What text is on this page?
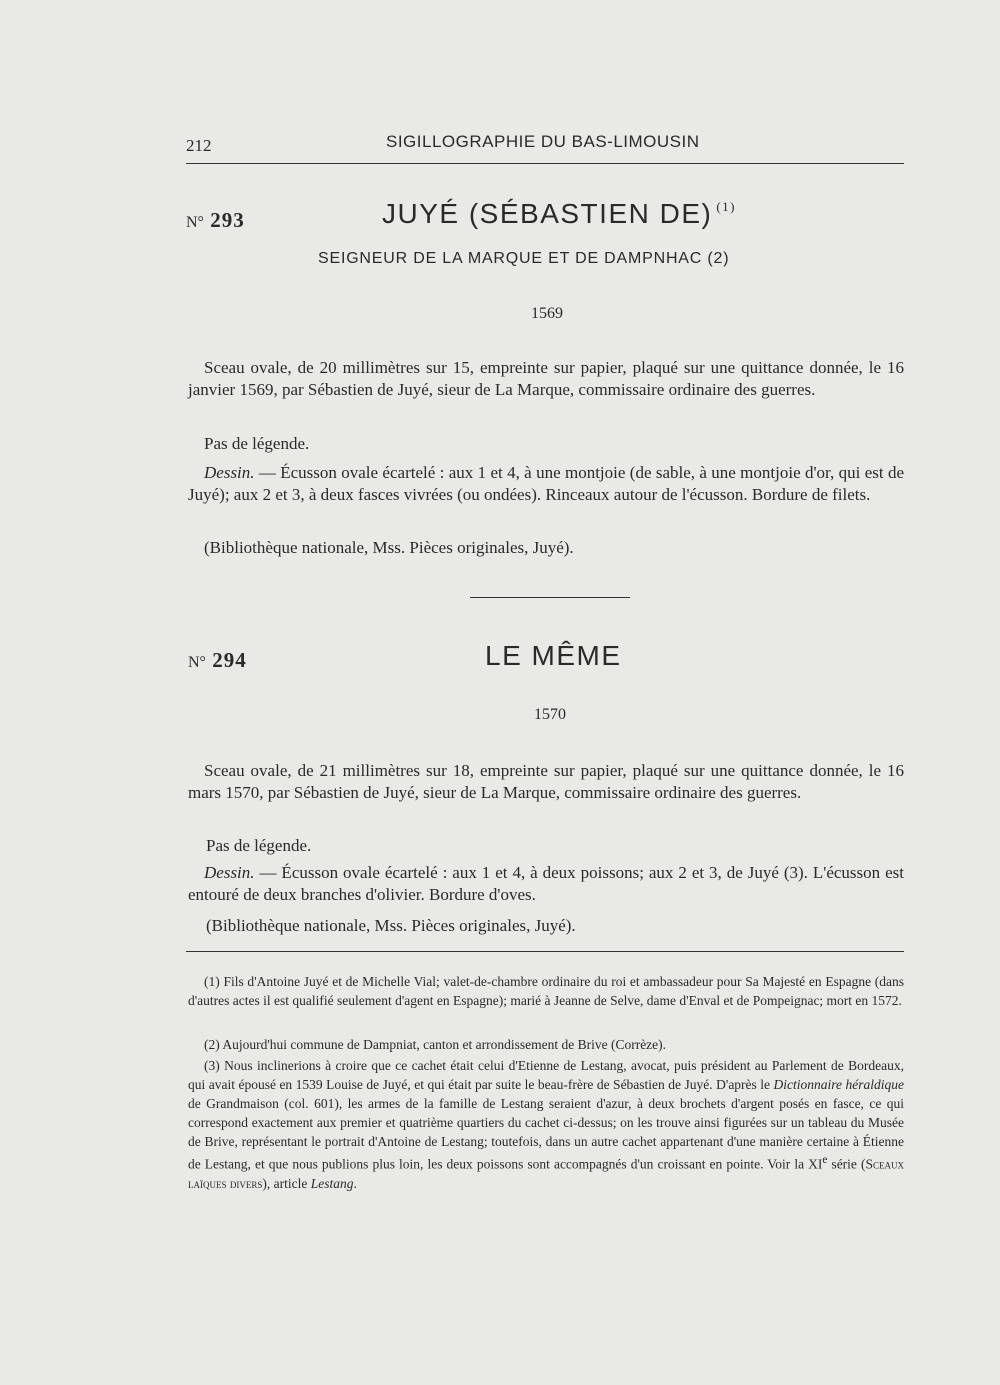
212	SIGILLOGRAPHIE DU BAS-LIMOUSIN
N° 293	JUYÉ (SÉBASTIEN DE) $^{(1)}$
SEIGNEUR DE LA MARQUE ET DE DAMPNHAC (2)
1569

Sceau ovale, de 20 millimètres sur 15, empreinte sur papier, plaqué sur une quittance donnée, le 16 janvier 1569, par Sébastien de Juyé, sieur de La Marque, commissaire ordinaire des guerres.

Pas de légende.

Dessin. — Écusson ovale écartelé : aux 1 et 4, à une montjoie (de sable, à une montjoie d'or, qui est de Juyé); aux 2 et 3, à deux fasces vivrées (ou ondées). Rinceaux autour de l'écusson. Bordure de filets.

(Bibliothèque nationale, Mss. Pièces originales, Juyé).
N° 294	LE MÊME
1570

Sceau ovale, de 21 millimètres sur 18, empreinte sur papier, plaqué sur une quittance donnée, le 16 mars 1570, par Sébastien de Juyé, sieur de La Marque, commissaire ordinaire des guerres.

Pas de légende.

Dessin. — Écusson ovale écartelé : aux 1 et 4, à deux poissons; aux 2 et 3, de Juyé (3). L'écusson est entouré de deux branches d'olivier. Bordure d'oves.

(Bibliothèque nationale, Mss. Pièces originales, Juyé).

(1) Fils d'Antoine Juyé et de Michelle Vial; valet-de-chambre ordinaire du roi et ambassadeur pour Sa Majesté en Espagne (dans d'autres actes il est qualifié seulement d'agent en Espagne); marié à Jeanne de Selve, dame d'Enval et de Pompeignac; mort en 1572.

(2) Aujourd'hui commune de Dampniat, canton et arrondissement de Brive (Corrèze).

(3) Nous inclinerions à croire que ce cachet était celui d'Etienne de Lestang, avocat, puis président au Parlement de Bordeaux, qui avait épousé en 1539 Louise de Juyé, et qui était par suite le beau-frère de Sébastien de Juyé. D'après le Dictionnaire héraldique de Grandmaison (col. 601), les armes de la famille de Lestang seraient d'azur, à deux brochets d'argent posés en fasce, ce qui correspond exactement aux premier et quatrième quartiers du cachet ci-dessus; on les trouve ainsi figurées sur un tableau du Musée de Brive, représentant le portrait d'Antoine de Lestang; toutefois, dans un autre cachet appartenant d'une manière certaine à Étienne de Lestang, et que nous publions plus loin, les deux poissons sont accompagnés d'un croissant en pointe. Voir la XIe série (Sceaux laïques divers), article Lestang.
